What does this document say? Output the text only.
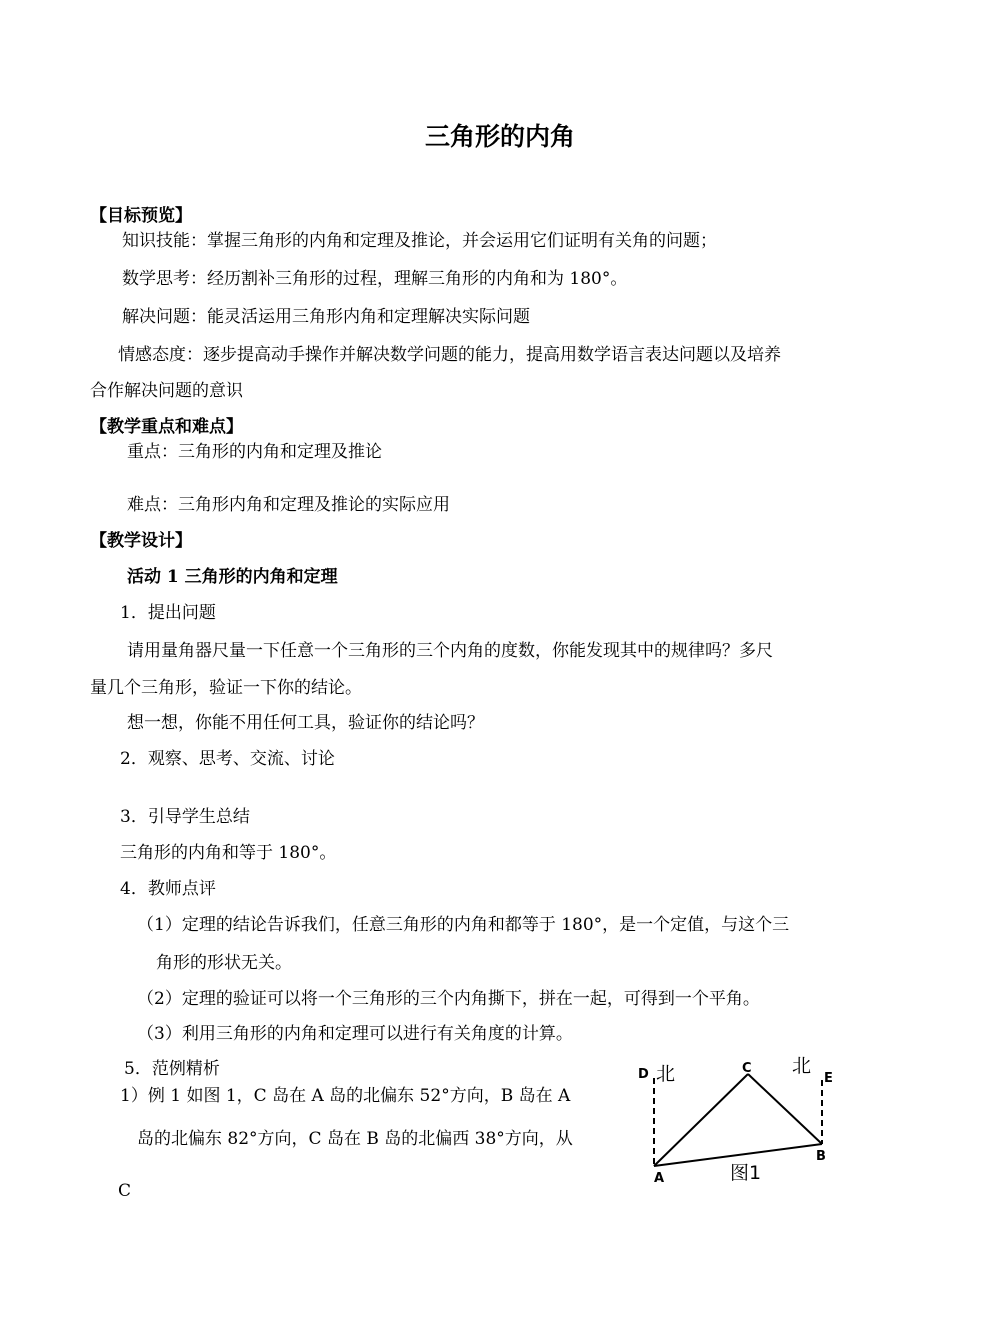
三角形的内角
【目标预览】
知识技能：掌握三角形的内角和定理及推论，并会运用它们证明有关角的问题；
数学思考：经历割补三角形的过程，理解三角形的内角和为 180°。
解决问题：能灵活运用三角形内角和定理解决实际问题
情感态度：逐步提高动手操作并解决数学问题的能力，提高用数学语言表达问题以及培养
合作解决问题的意识
【教学重点和难点】
重点：三角形的内角和定理及推论
难点：三角形内角和定理及推论的实际应用
【教学设计】
活动 1 三角形的内角和定理
1．提出问题
请用量角器尺量一下任意一个三角形的三个内角的度数，你能发现其中的规律吗？多尺
量几个三角形，验证一下你的结论。
想一想，你能不用任何工具，验证你的结论吗？
2．观察、思考、交流、讨论
3．引导学生总结
三角形的内角和等于 180°。
4．教师点评
（1）定理的结论告诉我们，任意三角形的内角和都等于 180°，是一个定值，与这个三
角形的形状无关。
（2）定理的验证可以将一个三角形的三个内角撕下，拼在一起，可得到一个平角。
（3）利用三角形的内角和定理可以进行有关角度的计算。
5．范例精析
1）例 1 如图 1，C 岛在 A 岛的北偏东 52°方向，B 岛在 A
岛的北偏东 82°方向，C 岛在 B 岛的北偏西 38°方向，从
C
D 北	C 北
E
A
B
图1
